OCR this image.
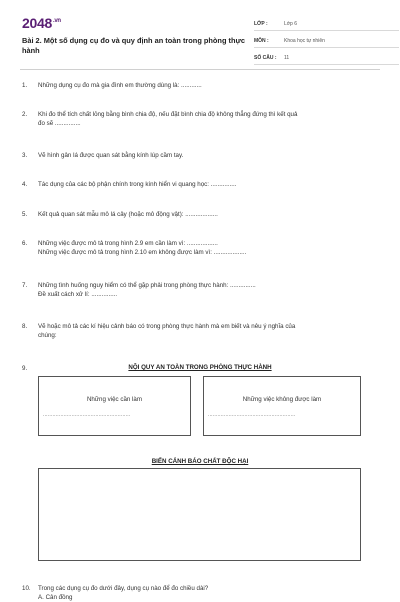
$2048^{.vn}$
Bài 2. Một số dụng cụ đo và quy định an toàn trong phòng thực hành
LỚP :	Lớp 6
MÔN :	Khoa học tự nhiên
SỐ CÂU :	11
1. Những dụng cụ đo mà gia đình em thường dùng là: ............
2. Khi đo thể tích chất lỏng bằng bình chia độ, nếu đặt bình chia độ không thẳng đứng thì kết quả
đo sẽ ...............
3. Vẽ hình gân lá được quan sát bằng kính lúp cầm tay.
4. Tác dụng của các bộ phận chính trong kính hiển vi quang học: ...............
5. Kết quả quan sát mẫu mô lá cây (hoặc mô động vật): ...................
6. Những việc được mô tả trong hình 2.9 em cần làm vì: ..................
Những việc được mô tả trong hình 2.10 em không được làm vì: ...................
7. Những tình huống nguy hiểm có thể gặp phải trong phòng thực hành: ...............
Đề xuất cách xử lí: ...............
8. Vẽ hoặc mô tả các kí hiệu cảnh báo có trong phòng thực hành mà em biết và nêu ý nghĩa của
chúng:
9.	NỘI QUY AN TOÀN TRONG PHÒNG THỰC HÀNH
Những việc cần làm
.......................................................
Những việc không được làm
.......................................................
BIỂN CẢNH BÁO CHẤT ĐỘC HẠI
10. Trong các dụng cụ đo dưới đây, dụng cụ nào để đo chiều dài?
A. Cân đồng
